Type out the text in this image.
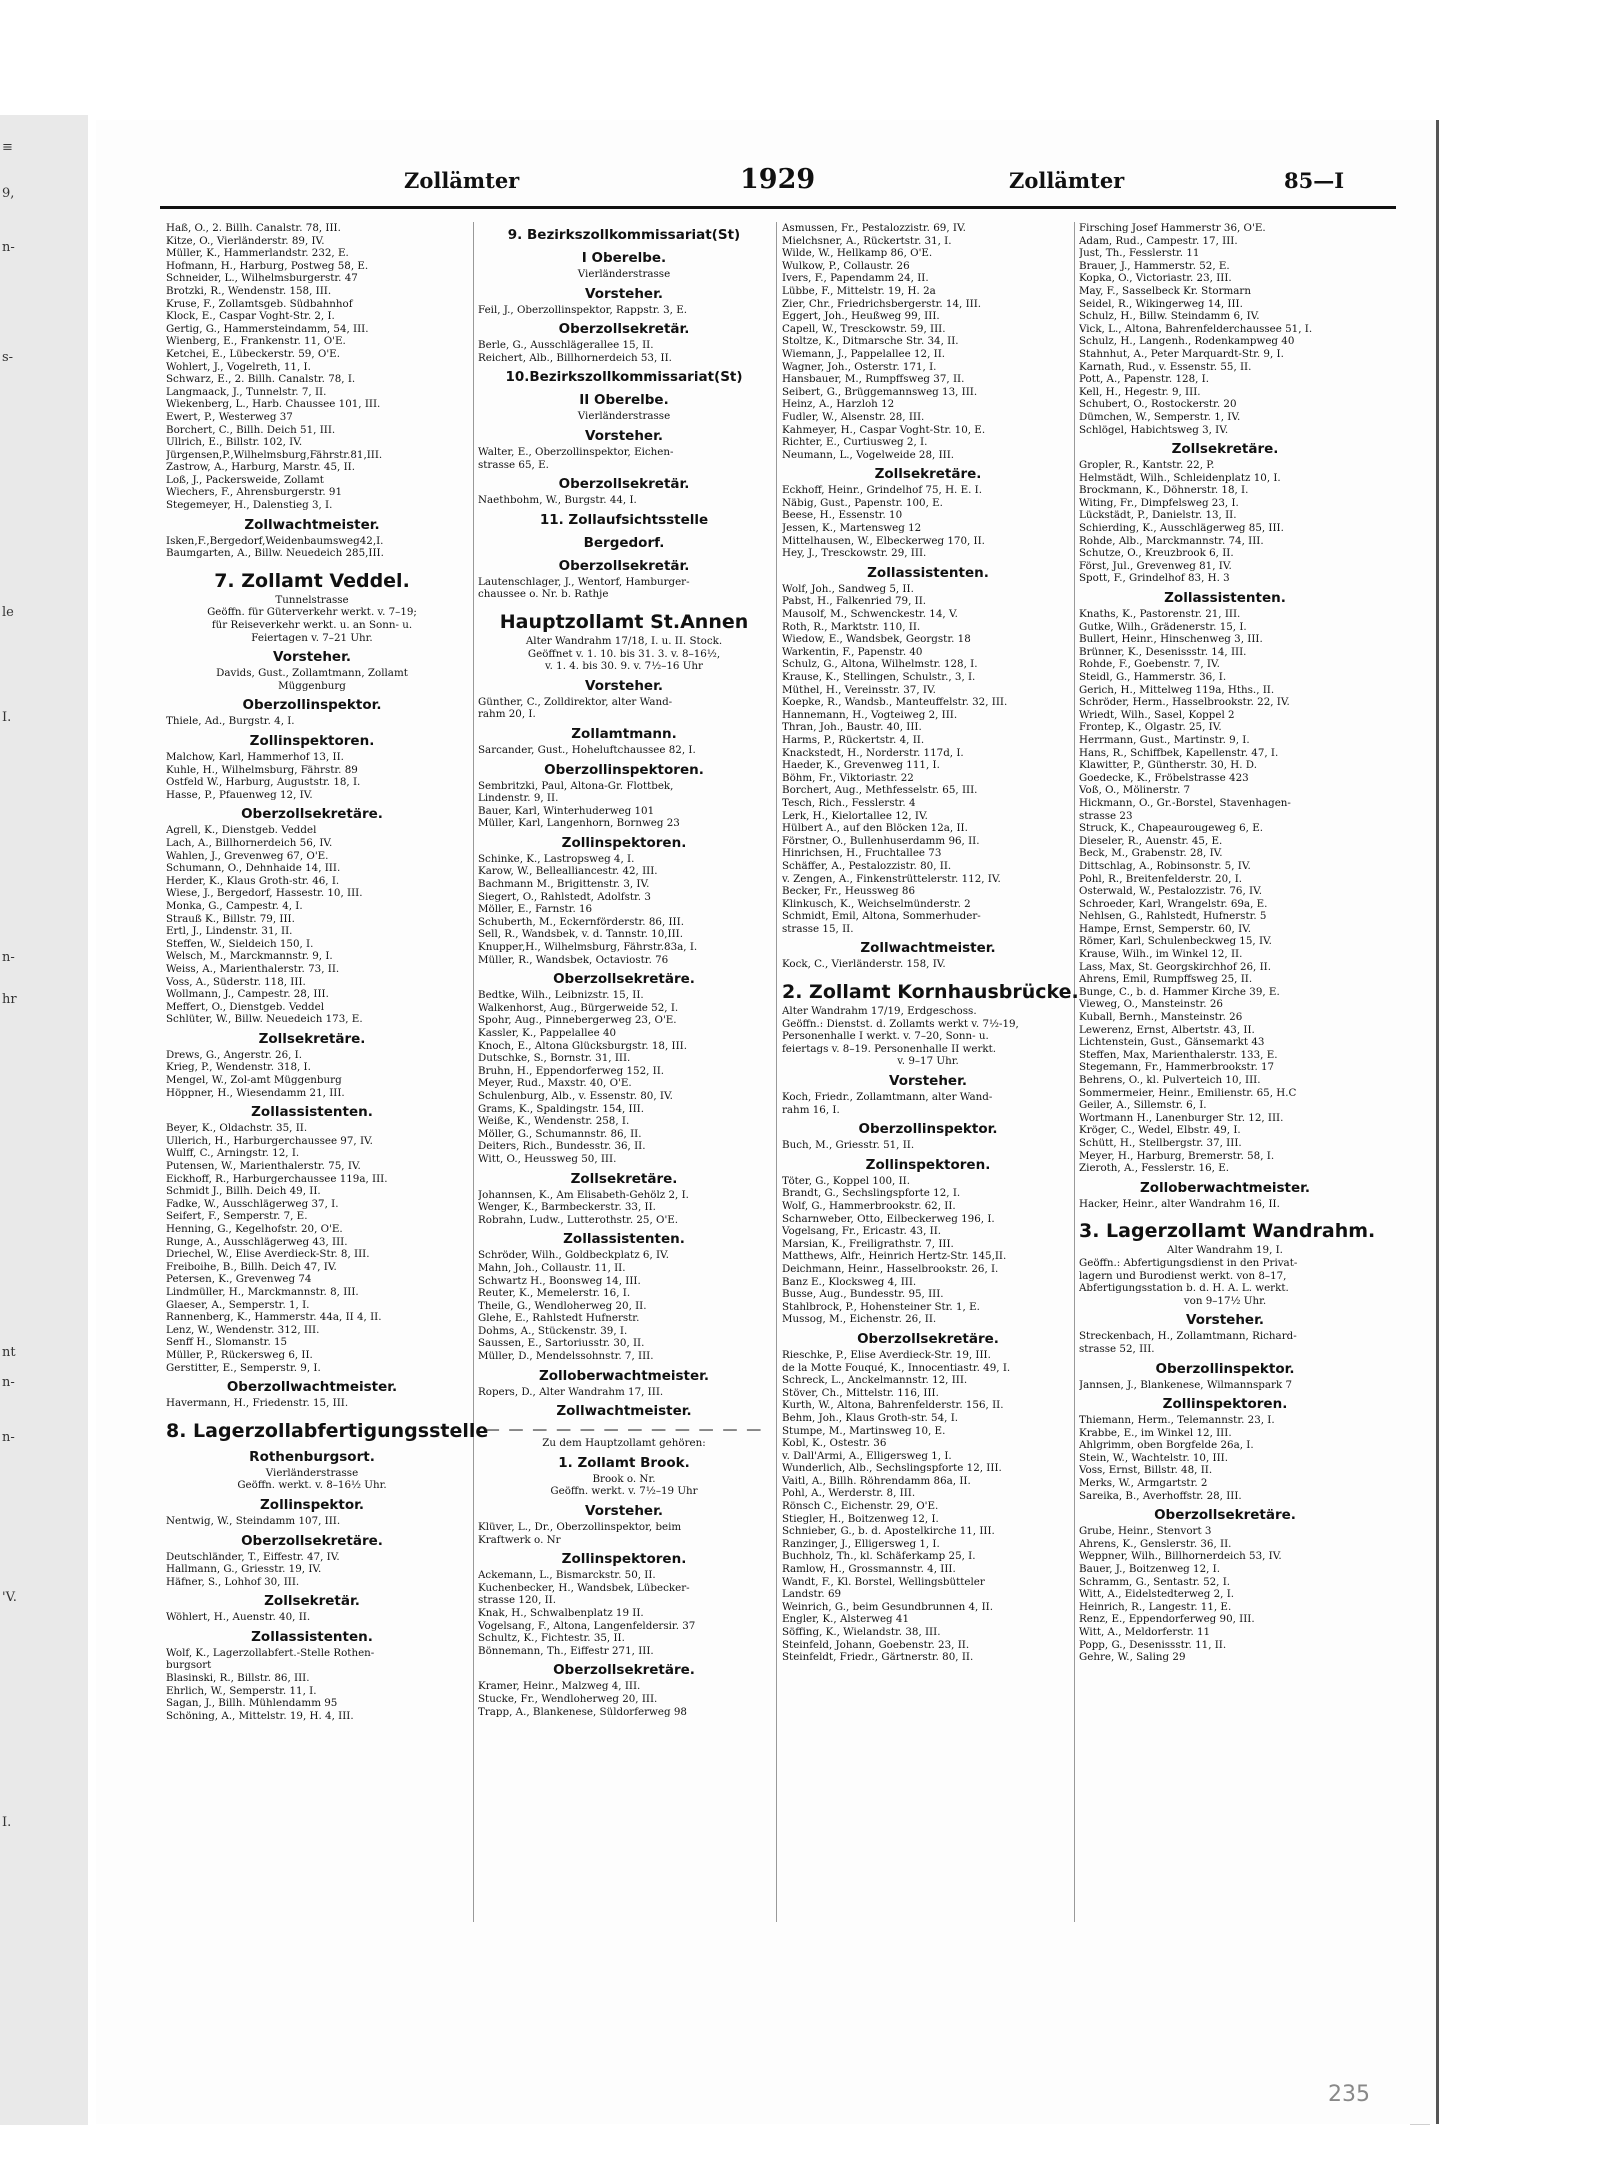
Zollämter	1929	Zollämter	85—I
Haß, O., 2. Billh. Canalstr. 78, III.
Kitze, O., Vierländerstr. 89, IV.
Müller, K., Hammerlandstr. 232, E.
Hofmann, H., Harburg, Postweg 58, E.
Schneider, L., Wilhelmsburgerstr. 47
Brotzki, R., Wendenstr. 158, III.
Kruse, F., Zollamtsgeb. Südbahnhof
Klock, E., Caspar Voght-Str. 2, I.
Gertig, G., Hammersteindamm, 54, III.
Wienberg, E., Frankenstr. 11, O'E.
Ketchei, E., Lübeckerstr. 59, O'E.
Wohlert, J., Vogelreth, 11, I.
Schwarz, E., 2. Billh. Canalstr. 78, I.
Langmaack, J., Tunnelstr. 7, II.
Wiekenberg, L., Harb. Chaussee 101, III.
Ewert, P., Westerweg 37
Borchert, C., Billh. Deich 51, III.
Ullrich, E., Billstr. 102, IV.
Jürgensen,P.,Wilhelmsburg,Fährstr.81,III.
Zastrow, A., Harburg, Marstr. 45, II.
Loß, J., Packersweide, Zollamt
Wiechers, F., Ahrensburgerstr. 91
Stegemeyer, H., Dalenstieg 3, I.
Zollwachtmeister.
Isken,F.,Bergedorf,Weidenbaumsweg42,I.
Baumgarten, A., Billw. Neuedeich 285,III.
7. Zollamt Veddel.
Tunnelstrasse
Geöffn. für Güterverkehr werkt. v. 7–19;
für Reiseverkehr werkt. u. an Sonn- u.
Feiertagen v. 7–21 Uhr.
Vorsteher.
Davids, Gust., Zollamtmann, Zollamt
Müggenburg
Oberzollinspektor.
Thiele, Ad., Burgstr. 4, I.
Zollinspektoren.
Malchow, Karl, Hammerhof 13, II.
Kuhle, H., Wilhelmsburg, Fährstr. 89
Ostfeld W., Harburg, Auguststr. 18, I.
Hasse, P., Pfauenweg 12, IV.
Oberzollsekretäre.
Agrell, K., Dienstgeb. Veddel
Lach, A., Billhornerdeich 56, IV.
Wahlen, J., Grevenweg 67, O'E.
Schumann, O., Dehnhaide 14, III.
Herder, K., Klaus Groth-str. 46, I.
Wiese, J., Bergedorf, Hassestr. 10, III.
Monka, G., Campestr. 4, I.
Strauß K., Billstr. 79, III.
Ertl, J., Lindenstr. 31, II.
Steffen, W., Sieldeich 150, I.
Welsch, M., Marckmannstr. 9, I.
Weiss, A., Marienthalerstr. 73, II.
Voss, A., Süderstr. 118, III.
Wollmann, J., Campestr. 28, III.
Meffert, O., Dienstgeb. Veddel
Schlüter, W., Billw. Neuedeich 173, E.
Zollsekretäre.
Drews, G., Angerstr. 26, I.
Krieg, P., Wendenstr. 318, I.
Mengel, W., Zol-amt Müggenburg
Höppner, H., Wiesendamm 21, III.
Zollassistenten.
Beyer, K., Oldachstr. 35, II.
Ullerich, H., Harburgerchaussee 97, IV.
Wulff, C., Arningstr. 12, I.
Putensen, W., Marienthalerstr. 75, IV.
Eickhoff, R., Harburgerchaussee 119a, III.
Schmidt J., Billh. Deich 49, II.
Fadke, W., Ausschlägerweg 37, I.
Seifert, F., Semperstr. 7, E.
Henning, G., Kegelhofstr. 20, O'E.
Runge, A., Ausschlägerweg 43, III.
Driechel, W., Elise Averdieck-Str. 8, III.
Freiboihe, B., Billh. Deich 47, IV.
Petersen, K., Grevenweg 74
Lindmüller, H., Marckmannstr. 8, III.
Glaeser, A., Semperstr. 1, I.
Rannenberg, K., Hammerstr. 44a, II 4, II.
Lenz, W., Wendenstr. 312, III.
Senff H., Slomanstr. 15
Müller, P., Rückersweg 6, II.
Gerstitter, E., Semperstr. 9, I.
Oberzollwachtmeister.
Havermann, H., Friedenstr. 15, III.
8. Lagerzollabfertigungsstelle
Rothenburgsort.
Vierländerstrasse
Geöffn. werkt. v. 8–16½ Uhr.
Zollinspektor.
Nentwig, W., Steindamm 107, III.
Oberzollsekretäre.
Deutschländer, T., Eiffestr. 47, IV.
Hallmann, G., Griesstr. 19, IV.
Häfner, S., Lohhof 30, III.
Zollsekretär.
Wöhlert, H., Auenstr. 40, II.
Zollassistenten.
Wolf, K., Lagerzollabfert.-Stelle Rothen-
burgsort
Blasinski, R., Billstr. 86, III.
Ehrlich, W., Semperstr. 11, I.
Sagan, J., Billh. Mühlendamm 95
Schöning, A., Mittelstr. 19, H. 4, III.
9. Bezirkszollkommissariat(St)
I Oberelbe.
Vierländerstrasse
Vorsteher.
Feil, J., Oberzollinspektor, Rappstr. 3, E.
Oberzollsekretär.
Berle, G., Ausschlägerallee 15, II.
Reichert, Alb., Billhornerdeich 53, II.
10.Bezirkszollkommissariat(St)
II Oberelbe.
Vierländerstrasse
Vorsteher.
Walter, E., Oberzollinspektor, Eichen-
strasse 65, E.
Oberzollsekretär.
Naethbohm, W., Burgstr. 44, I.
11. Zollaufsichtsstelle
Bergedorf.
Oberzollsekretär.
Lautenschlager, J., Wentorf, Hamburger-
chaussee o. Nr. b. Rathje
Hauptzollamt St.Annen
Alter Wandrahm 17/18, I. u. II. Stock.
Geöffnet v. 1. 10. bis 31. 3. v. 8–16½,
v. 1. 4. bis 30. 9. v. 7½–16 Uhr
Vorsteher.
Günther, C., Zolldirektor, alter Wand-
rahm 20, I.
Zollamtmann.
Sarcander, Gust., Hoheluftchaussee 82, I.
Oberzollinspektoren.
Sembritzki, Paul, Altona-Gr. Flottbek,
Lindenstr. 9, II.
Bauer, Karl, Winterhuderweg 101
Müller, Karl, Langenhorn, Bornweg 23
Zollinspektoren.
Schinke, K., Lastropsweg 4, I.
Karow, W., Bellealliancestr. 42, III.
Bachmann M., Brigittenstr. 3, IV.
Siegert, O., Rahlstedt, Adolfstr. 3
Möller, E., Farnstr. 16
Schuberth, M., Eckernförderstr. 86, III.
Sell, R., Wandsbek, v. d. Tannstr. 10,III.
Knupper,H., Wilhelmsburg, Fährstr.83a, I.
Müller, R., Wandsbek, Octaviostr. 76
Oberzollsekretäre.
Bedtke, Wilh., Leibnizstr. 15, II.
Walkenhorst, Aug., Bürgerweide 52, I.
Spohr, Aug., Pinnebergerweg 23, O'E.
Kassler, K., Pappelallee 40
Knoch, E., Altona Glücksburgstr. 18, III.
Dutschke, S., Bornstr. 31, III.
Bruhn, H., Eppendorferweg 152, II.
Meyer, Rud., Maxstr. 40, O'E.
Schulenburg, Alb., v. Essenstr. 80, IV.
Grams, K., Spaldingstr. 154, III.
Weiße, K., Wendenstr. 258, I.
Möller, G., Schumannstr. 86, II.
Deiters, Rich., Bundesstr. 36, II.
Witt, O., Heussweg 50, III.
Zollsekretäre.
Johannsen, K., Am Elisabeth-Gehölz 2, I.
Wenger, K., Barmbeckerstr. 33, II.
Robrahn, Ludw., Lutterothstr. 25, O'E.
Zollassistenten.
Schröder, Wilh., Goldbeckplatz 6, IV.
Mahn, Joh., Collaustr. 11, II.
Schwartz H., Boonsweg 14, III.
Reuter, K., Memelerstr. 16, I.
Theile, G., Wendloherweg 20, II.
Glehe, E., Rahlstedt Hufnerstr.
Dohms, A., Stückenstr. 39, I.
Saussen, E., Sartoriusstr. 30, II.
Müller, D., Mendelssohnstr. 7, III.
Zolloberwachtmeister.
Ropers, D., Alter Wandrahm 17, III.
Zollwachtmeister.
— — — — — — — — — — — —
Zu dem Hauptzollamt gehören:
1. Zollamt Brook.
Brook o. Nr.
Geöffn. werkt. v. 7½–19 Uhr
Vorsteher.
Klüver, L., Dr., Oberzollinspektor, beim
Kraftwerk o. Nr
Zollinspektoren.
Ackemann, L., Bismarckstr. 50, II.
Kuchenbecker, H., Wandsbek, Lübecker-
strasse 120, II.
Knak, H., Schwalbenplatz 19 II.
Vogelsang, F., Altona, Langenfeldersir. 37
Schultz, K., Fichtestr. 35, II.
Bönnemann, Th., Eiffestr 271, III.
Oberzollsekretäre.
Kramer, Heinr., Malzweg 4, III.
Stucke, Fr., Wendloherweg 20, III.
Trapp, A., Blankenese, Süldorferweg 98
Asmussen, Fr., Pestalozzistr. 69, IV.
Mielchsner, A., Rückertstr. 31, I.
Wilde, W., Hellkamp 86, O'E.
Wulkow, P., Collaustr. 26
Ivers, F., Papendamm 24, II.
Lübbe, F., Mittelstr. 19, H. 2a
Zier, Chr., Friedrichsbergerstr. 14, III.
Eggert, Joh., Heußweg 99, III.
Capell, W., Tresckowstr. 59, III.
Stoltze, K., Ditmarsche Str. 34, II.
Wiemann, J., Pappelallee 12, II.
Wagner, Joh., Osterstr. 171, I.
Hansbauer, M., Rumpffsweg 37, II.
Seibert, G., Brüggemannsweg 13, III.
Heinz, A., Harzloh 12
Fudler, W., Alsenstr. 28, III.
Kahmeyer, H., Caspar Voght-Str. 10, E.
Richter, E., Curtiusweg 2, I.
Neumann, L., Vogelweide 28, III.
Zollsekretäre.
Eckhoff, Heinr., Grindelhof 75, H. E. I.
Näbig, Gust., Papenstr. 100, E.
Beese, H., Essenstr. 10
Jessen, K., Martensweg 12
Mittelhausen, W., Elbeckerweg 170, II.
Hey, J., Tresckowstr. 29, III.
Zollassistenten.
Wolf, Joh., Sandweg 5, II.
Pabst, H., Falkenried 79, II.
Mausolf, M., Schwenckestr. 14, V.
Roth, R., Marktstr. 110, II.
Wiedow, E., Wandsbek, Georgstr. 18
Warkentin, F., Papenstr. 40
Schulz, G., Altona, Wilhelmstr. 128, I.
Krause, K., Stellingen, Schulstr., 3, I.
Müthel, H., Vereinsstr. 37, IV.
Koepke, R., Wandsb., Manteuffelstr. 32, III.
Hannemann, H., Vogteiweg 2, III.
Thran, Joh., Baustr. 40, III.
Harms, P., Rückertstr. 4, II.
Knackstedt, H., Norderstr. 117d, I.
Haeder, K., Grevenweg 111, I.
Böhm, Fr., Viktoriastr. 22
Borchert, Aug., Methfesselstr. 65, III.
Tesch, Rich., Fesslerstr. 4
Lerk, H., Kielortallee 12, IV.
Hülbert A., auf den Blöcken 12a, II.
Förstner, O., Bullenhuserdamm 96, II.
Hinrichsen, H., Fruchtallee 73
Schäffer, A., Pestalozzistr. 80, II.
v. Zengen, A., Finkenstrüttelerstr. 112, IV.
Becker, Fr., Heussweg 86
Klinkusch, K., Weichselmünderstr. 2
Schmidt, Emil, Altona, Sommerhuder-
strasse 15, II.
Zollwachtmeister.
Kock, C., Vierländerstr. 158, IV.
2. Zollamt Kornhausbrücke.
Alter Wandrahm 17/19, Erdgeschoss.
Geöffn.: Dienstst. d. Zollamts werkt v. 7½-19,
Personenhalle I werkt. v. 7–20, Sonn- u.
feiertags v. 8–19. Personenhalle II werkt.
v. 9–17 Uhr.
Vorsteher.
Koch, Friedr., Zollamtmann, alter Wand-
rahm 16, I.
Oberzollinspektor.
Buch, M., Griesstr. 51, II.
Zollinspektoren.
Töter, G., Koppel 100, II.
Brandt, G., Sechslingspforte 12, I.
Wolf, G., Hammerbrookstr. 62, II.
Scharnweber, Otto, Eilbeckerweg 196, I.
Vogelsang, Fr., Ericastr. 43, II.
Marsian, K., Freiligrathstr. 7, III.
Matthews, Alfr., Heinrich Hertz-Str. 145,II.
Deichmann, Heinr., Hasselbrookstr. 26, I.
Banz E., Klocksweg 4, III.
Busse, Aug., Bundesstr. 95, III.
Stahlbrock, P., Hohensteiner Str. 1, E.
Mussog, M., Eichenstr. 26, II.
Oberzollsekretäre.
Rieschke, P., Elise Averdieck-Str. 19, III.
de la Motte Fouqué, K., Innocentiastr. 49, I.
Schreck, L., Anckelmannstr. 12, III.
Stöver, Ch., Mittelstr. 116, III.
Kurth, W., Altona, Bahrenfelderstr. 156, II.
Behm, Joh., Klaus Groth-str. 54, I.
Stumpe, M., Martinsweg 10, E.
Kobl, K., Ostestr. 36
v. Dall'Armi, A., Elligersweg 1, I.
Wunderlich, Alb., Sechslingspforte 12, III.
Vaitl, A., Billh. Röhrendamm 86a, II.
Pohl, A., Werderstr. 8, III.
Rönsch C., Eichenstr. 29, O'E.
Stiegler, H., Boitzenweg 12, I.
Schnieber, G., b. d. Apostelkirche 11, III.
Ranzinger, J., Elligersweg 1, I.
Buchholz, Th., kl. Schäferkamp 25, I.
Ramlow, H., Grossmannstr. 4, III.
Wandt, F., Kl. Borstel, Wellingsbütteler
Landstr. 69
Weinrich, G., beim Gesundbrunnen 4, II.
Engler, K., Alsterweg 41
Söffing, K., Wielandstr. 38, III.
Steinfeld, Johann, Goebenstr. 23, II.
Steinfeldt, Friedr., Gärtnerstr. 80, II.
Firsching Josef Hammerstr 36, O'E.
Adam, Rud., Campestr. 17, III.
Just, Th., Fesslerstr. 11
Brauer, J., Hammerstr. 52, E.
Kopka, O., Victoriastr. 23, III.
May, F., Sasselbeck Kr. Stormarn
Seidel, R., Wikingerweg 14, III.
Schulz, H., Billw. Steindamm 6, IV.
Vick, L., Altona, Bahrenfelderchaussee 51, I.
Schulz, H., Langenh., Rodenkampweg 40
Stahnhut, A., Peter Marquardt-Str. 9, I.
Karnath, Rud., v. Essenstr. 55, II.
Pott, A., Papenstr. 128, I.
Kell, H., Hegestr. 9, III.
Schubert, O., Rostockerstr. 20
Dümchen, W., Semperstr. 1, IV.
Schlögel, Habichtsweg 3, IV.
Zollsekretäre.
Gropler, R., Kantstr. 22, P.
Helmstädt, Wilh., Schleidenplatz 10, I.
Brockmann, K., Döhnerstr. 18, I.
Witing, Fr., Dimpfelsweg 23, I.
Lückstädt, P., Danielstr. 13, II.
Schierding, K., Ausschlägerweg 85, III.
Rohde, Alb., Marckmannstr. 74, III.
Schutze, O., Kreuzbrook 6, II.
Först, Jul., Grevenweg 81, IV.
Spott, F., Grindelhof 83, H. 3
Zollassistenten.
Knaths, K., Pastorenstr. 21, III.
Gutke, Wilh., Grädenerstr. 15, I.
Bullert, Heinr., Hinschenweg 3, III.
Brünner, K., Desenissstr. 14, III.
Rohde, F., Goebenstr. 7, IV.
Steidl, G., Hammerstr. 36, I.
Gerich, H., Mittelweg 119a, Hths., II.
Schröder, Herm., Hasselbrookstr. 22, IV.
Wriedt, Wilh., Sasel, Koppel 2
Frontep, K., Olgastr. 25, IV.
Herrmann, Gust., Martinstr. 9, I.
Hans, R., Schiffbek, Kapellenstr. 47, I.
Klawitter, P., Güntherstr. 30, H. D.
Goedecke, K., Fröbelstrasse 423
Voß, O., Mölinerstr. 7
Hickmann, O., Gr.-Borstel, Stavenhagen-
strasse 23
Struck, K., Chapeaurougeweg 6, E.
Dieseler, R., Auenstr. 45, E.
Beck, M., Grabenstr. 28, IV.
Dittschlag, A., Robinsonstr. 5, IV.
Pohl, R., Breitenfelderstr. 20, I.
Osterwald, W., Pestalozzistr. 76, IV.
Schroeder, Karl, Wrangelstr. 69a, E.
Nehlsen, G., Rahlstedt, Hufnerstr. 5
Hampe, Ernst, Semperstr. 60, IV.
Römer, Karl, Schulenbeckweg 15, IV.
Krause, Wilh., im Winkel 12, II.
Lass, Max, St. Georgskirchhof 26, II.
Ahrens, Emil, Rumpffsweg 25, II.
Bunge, C., b. d. Hammer Kirche 39, E.
Vieweg, O., Mansteinstr. 26
Kuball, Bernh., Mansteinstr. 26
Lewerenz, Ernst, Albertstr. 43, II.
Lichtenstein, Gust., Gänsemarkt 43
Steffen, Max, Marienthalerstr. 133, E.
Stegemann, Fr., Hammerbrookstr. 17
Behrens, O., kl. Pulverteich 10, III.
Sommermeier, Heinr., Emilienstr. 65, H.C
Geiler, A., Sillemstr. 6, I.
Wortmann H., Lanenburger Str. 12, III.
Kröger, C., Wedel, Elbstr. 49, I.
Schütt, H., Stellbergstr. 37, III.
Meyer, H., Harburg, Bremerstr. 58, I.
Zieroth, A., Fesslerstr. 16, E.
Zolloberwachtmeister.
Hacker, Heinr., alter Wandrahm 16, II.
3. Lagerzollamt Wandrahm.
Alter Wandrahm 19, I.
Geöffn.: Abfertigungsdienst in den Privat-
lagern und Burodienst werkt. von 8–17,
Abfertigungsstation b. d. H. A. L. werkt.
von 9–17½ Uhr.
Vorsteher.
Streckenbach, H., Zollamtmann, Richard-
strasse 52, III.
Oberzollinspektor.
Jannsen, J., Blankenese, Wilmannspark 7
Zollinspektoren.
Thiemann, Herm., Telemannstr. 23, I.
Krabbe, E., im Winkel 12, III.
Ahlgrimm, oben Borgfelde 26a, I.
Stein, W., Wachtelstr. 10, III.
Voss, Ernst, Billstr. 48, II.
Merks, W., Armgartstr. 2
Sareika, B., Averhoffstr. 28, III.
Oberzollsekretäre.
Grube, Heinr., Stenvort 3
Ahrens, K., Genslerstr. 36, II.
Weppner, Wilh., Billhornerdeich 53, IV.
Bauer, J., Boitzenweg 12, I.
Schramm, G., Sentastr. 52, I.
Witt, A., Eidelstedterweg 2, I.
Heinrich, R., Langestr. 11, E.
Renz, E., Eppendorferweg 90, III.
Witt, A., Meldorferstr. 11
Popp, G., Desenissstr. 11, II.
Gehre, W., Saling 29
235
≡
9,
n-
s-
le
I.
n-
hr
nt
n-
n-
'V.
I.
